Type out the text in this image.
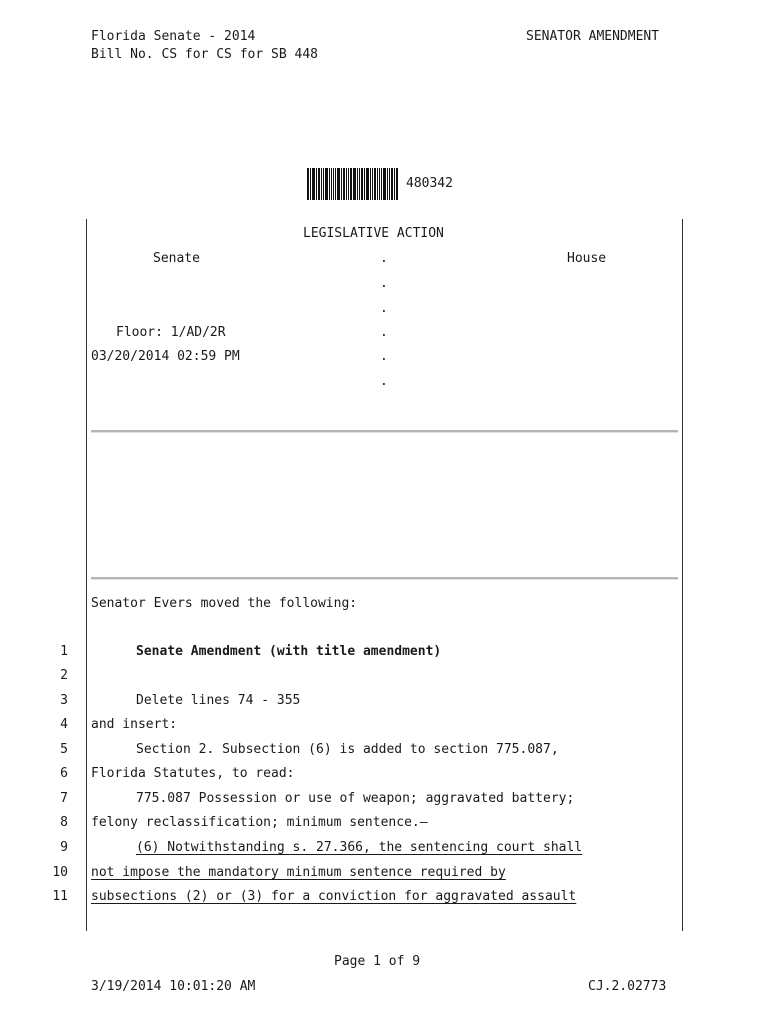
Florida Senate - 2014
Bill No. CS for CS for SB 448
SENATOR AMENDMENT
480342
LEGISLATIVE ACTION
Senate	House
.
.
.
.
.
.
Floor: 1/AD/2R
03/20/2014 02:59 PM
Senator Evers moved the following:
1	Senate Amendment (with title amendment)
2
3	Delete lines 74 - 355
4 and insert:
5	Section 2. Subsection (6) is added to section 775.087,
6 Florida Statutes, to read:
7	775.087 Possession or use of weapon; aggravated battery;
8 felony reclassification; minimum sentence.—
9	(6) Notwithstanding s. 27.366, the sentencing court shall
10 not impose the mandatory minimum sentence required by
11 subsections (2) or (3) for a conviction for aggravated assault
Page 1 of 9
3/19/2014 10:01:20 AM	CJ.2.02773
